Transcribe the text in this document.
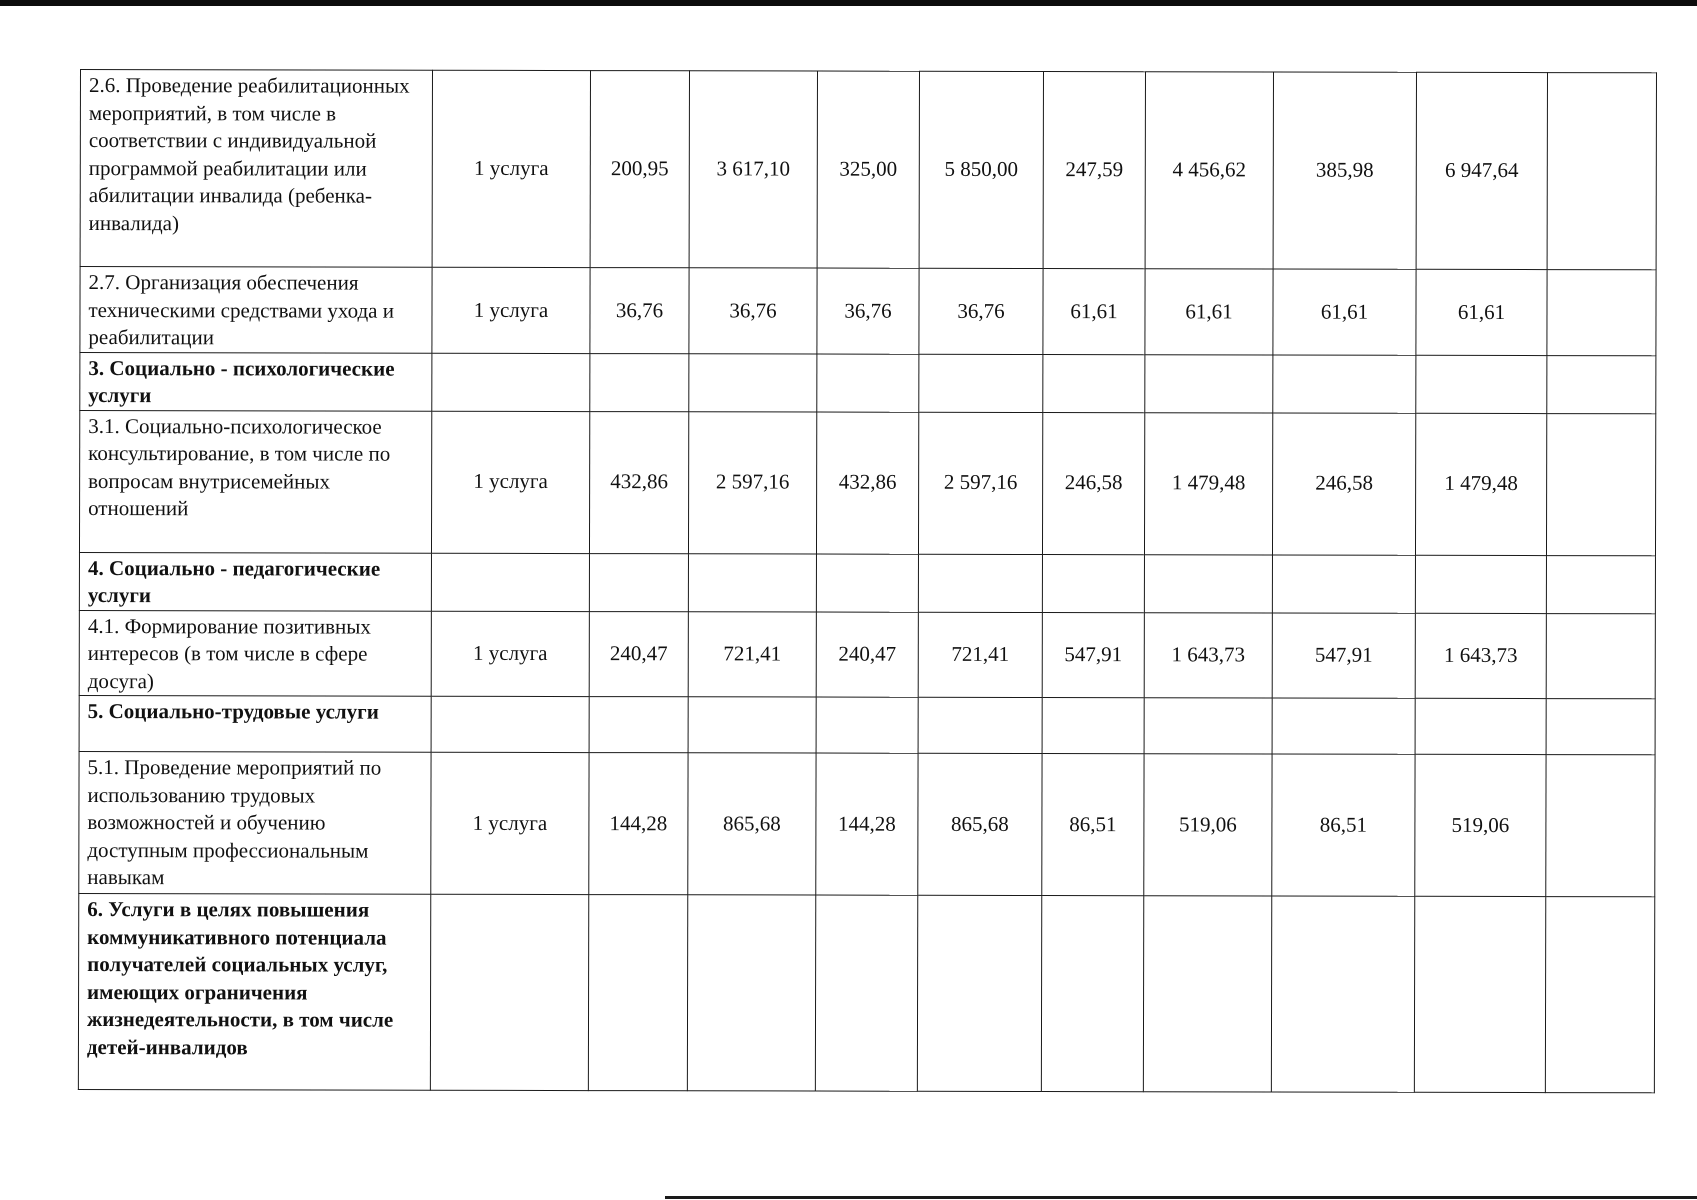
2.6. Проведение реабилитационных мероприятий, в том числе в соответствии с индивидуальной программой реабилитации или абилитации инвалида (ребенка-инвалида)	1 услуга	200,95	3 617,10	325,00	5 850,00	247,59	4 456,62	385,98	6 947,64	
2.7. Организация обеспечения техническими средствами ухода и реабилитации	1 услуга	36,76	36,76	36,76	36,76	61,61	61,61	61,61	61,61	
3. Социально - психологические услуги										
3.1. Социально-психологическое консультирование, в том числе по вопросам внутрисемейных отношений	1 услуга	432,86	2 597,16	432,86	2 597,16	246,58	1 479,48	246,58	1 479,48	
4. Социально - педагогические услуги										
4.1. Формирование позитивных интересов (в том числе в сфере досуга)	1 услуга	240,47	721,41	240,47	721,41	547,91	1 643,73	547,91	1 643,73	
5. Социально-трудовые услуги										
5.1. Проведение мероприятий по использованию трудовых возможностей и обучению доступным профессиональным навыкам	1 услуга	144,28	865,68	144,28	865,68	86,51	519,06	86,51	519,06	
6. Услуги в целях повышения коммуникативного потенциала получателей социальных услуг, имеющих ограничения жизнедеятельности, в том числе детей-инвалидов										
